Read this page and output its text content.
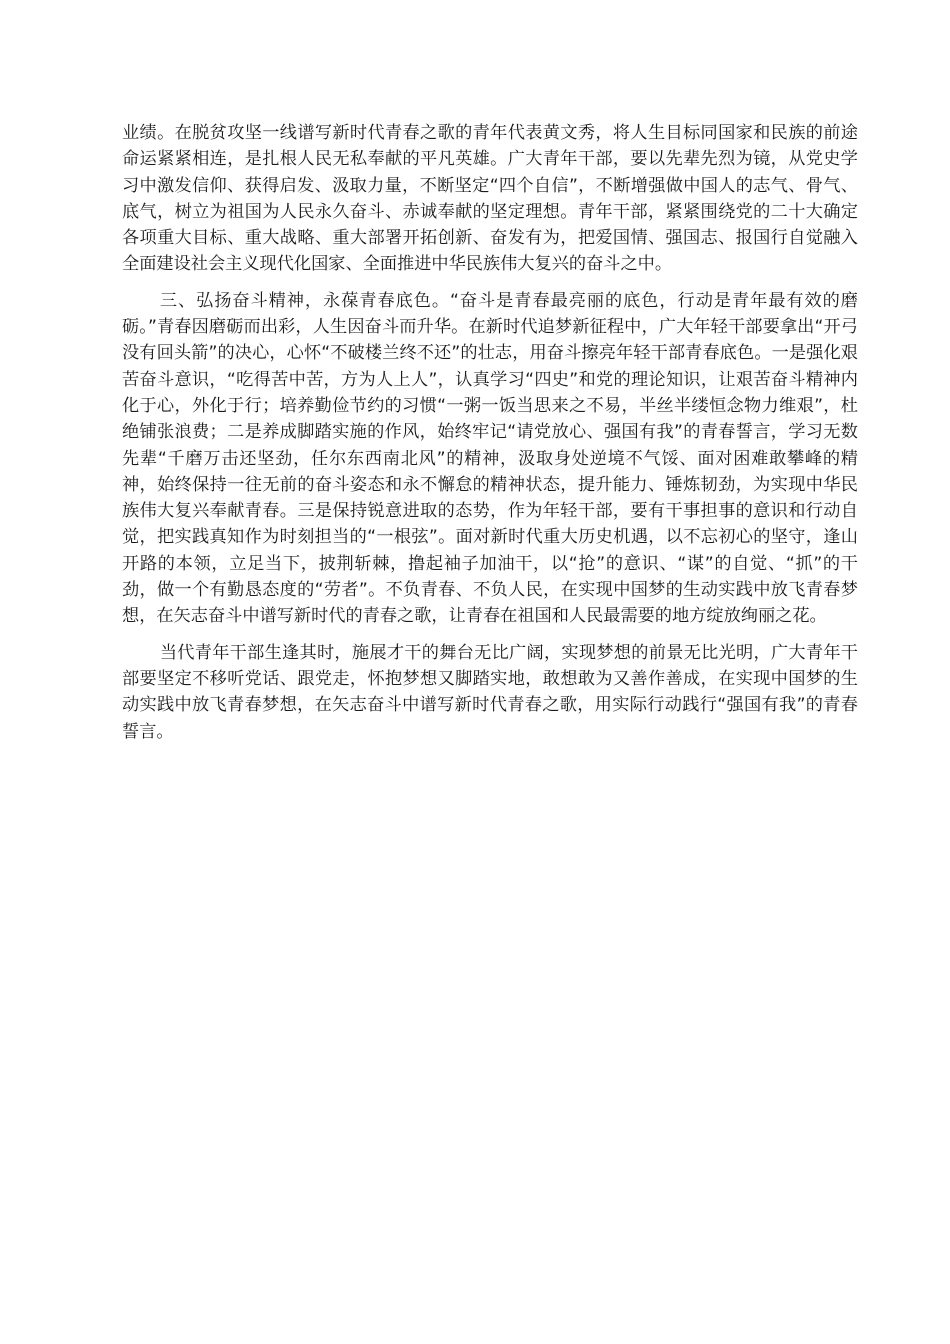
业绩。在脱贫攻坚一线谱写新时代青春之歌的青年代表黄文秀，将人生目标同国家和民族的前途命运紧紧相连，是扎根人民无私奉献的平凡英雄。广大青年干部，要以先辈先烈为镜，从党史学习中激发信仰、获得启发、汲取力量，不断坚定“四个自信”，不断增强做中国人的志气、骨气、底气，树立为祖国为人民永久奋斗、赤诚奉献的坚定理想。青年干部，紧紧围绕党的二十大确定各项重大目标、重大战略、重大部署开拓创新、奋发有为，把爱国情、强国志、报国行自觉融入全面建设社会主义现代化国家、全面推进中华民族伟大复兴的奋斗之中。

三、弘扬奋斗精神，永葆青春底色。“奋斗是青春最亮丽的底色，行动是青年最有效的磨砺。”青春因磨砺而出彩，人生因奋斗而升华。在新时代追梦新征程中，广大年轻干部要拿出“开弓没有回头箭”的决心，心怀“不破楼兰终不还”的壮志，用奋斗擦亮年轻干部青春底色。一是强化艰苦奋斗意识，“吃得苦中苦，方为人上人”，认真学习“四史”和党的理论知识，让艰苦奋斗精神内化于心，外化于行；培养勤俭节约的习惯“一粥一饭当思来之不易，半丝半缕恒念物力维艰”，杜绝铺张浪费；二是养成脚踏实施的作风，始终牢记“请党放心、强国有我”的青春誓言，学习无数先辈“千磨万击还坚劲，任尔东西南北风”的精神，汲取身处逆境不气馁、面对困难敢攀峰的精神，始终保持一往无前的奋斗姿态和永不懈怠的精神状态，提升能力、锤炼韧劲，为实现中华民族伟大复兴奉献青春。三是保持锐意进取的态势，作为年轻干部，要有干事担事的意识和行动自觉，把实践真知作为时刻担当的“一根弦”。面对新时代重大历史机遇，以不忘初心的坚守，逢山开路的本领，立足当下，披荆斩棘，撸起袖子加油干，以“抢”的意识、“谋”的自觉、“抓”的干劲，做一个有勤恳态度的“劳者”。不负青春、不负人民，在实现中国梦的生动实践中放飞青春梦想，在矢志奋斗中谱写新时代的青春之歌，让青春在祖国和人民最需要的地方绽放绚丽之花。

当代青年干部生逢其时，施展才干的舞台无比广阔，实现梦想的前景无比光明，广大青年干部要坚定不移听党话、跟党走，怀抱梦想又脚踏实地，敢想敢为又善作善成，在实现中国梦的生动实践中放飞青春梦想，在矢志奋斗中谱写新时代青春之歌，用实际行动践行“强国有我”的青春誓言。
